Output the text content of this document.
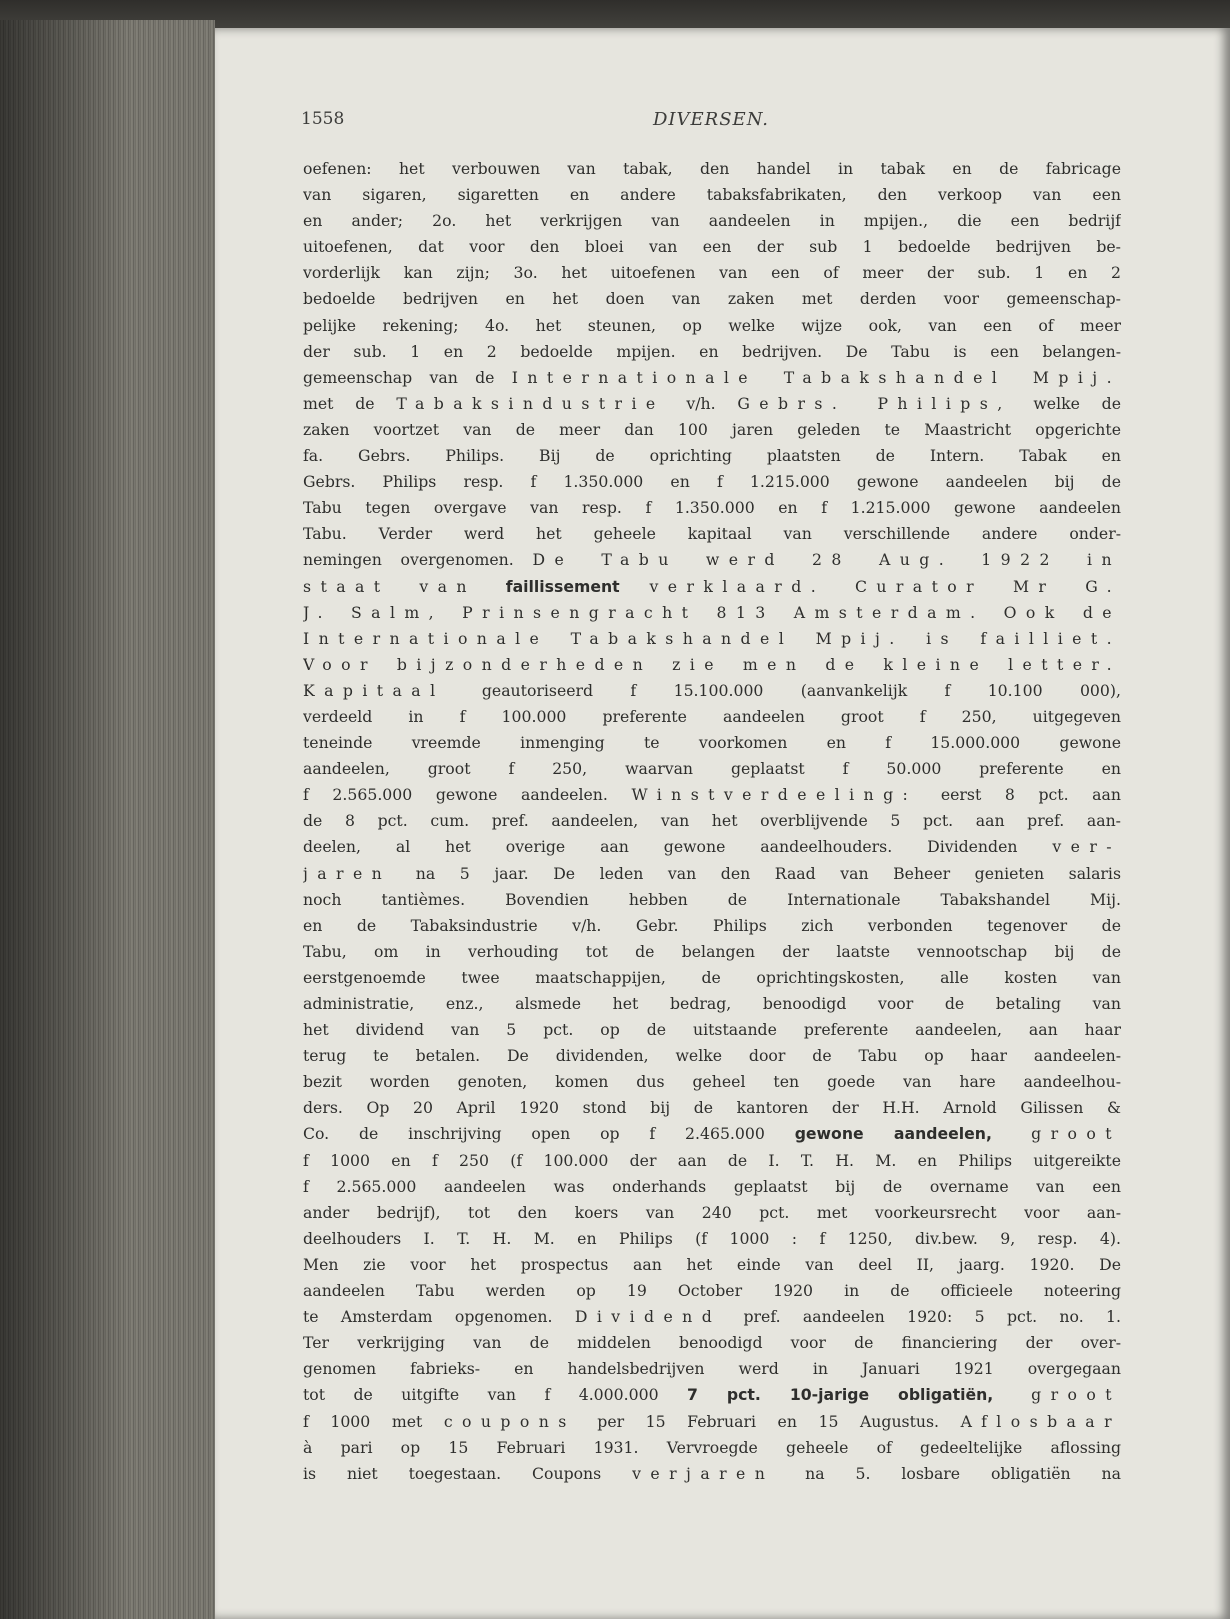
1558	DIVERSEN.
oefenen: het verbouwen van tabak, den handel in tabak en de fabricage
van sigaren, sigaretten en andere tabaksfabrikaten, den verkoop van een
en ander; 2o. het verkrijgen van aandeelen in mpijen., die een bedrijf
uitoefenen, dat voor den bloei van een der sub 1 bedoelde bedrijven be-
vorderlijk kan zijn; 3o. het uitoefenen van een of meer der sub. 1 en 2
bedoelde bedrijven en het doen van zaken met derden voor gemeenschap-
pelijke rekening; 4o. het steunen, op welke wijze ook, van een of meer
der sub. 1 en 2 bedoelde mpijen. en bedrijven. De Tabu is een belangen-
gemeenschap van de Internationale Tabakshandel Mpij.
met de Tabaksindustrie v/h. Gebrs. Philips, welke de
zaken voortzet van de meer dan 100 jaren geleden te Maastricht opgerichte
fa. Gebrs. Philips. Bij de oprichting plaatsten de Intern. Tabak en
Gebrs. Philips resp. f 1.350.000 en f 1.215.000 gewone aandeelen bij de
Tabu tegen overgave van resp. f 1.350.000 en f 1.215.000 gewone aandeelen
Tabu. Verder werd het geheele kapitaal van verschillende andere onder-
nemingen overgenomen. De Tabu werd 28 Aug. 1922 in
staat van faillissement verklaard. Curator Mr G.
J. Salm, Prinsengracht 813 Amsterdam. Ook de
Internationale Tabakshandel Mpij. is failliet.
Voor bijzonderheden zie men de kleine letter.
Kapitaal geautoriseerd f 15.100.000 (aanvankelijk f 10.100 000),
verdeeld in f 100.000 preferente aandeelen groot f 250, uitgegeven
teneinde vreemde inmenging te voorkomen en f 15.000.000 gewone
aandeelen, groot f 250, waarvan geplaatst f 50.000 preferente en
f 2.565.000 gewone aandeelen. Winstverdeeling: eerst 8 pct. aan
de 8 pct. cum. pref. aandeelen, van het overblijvende 5 pct. aan pref. aan-
deelen, al het overige aan gewone aandeelhouders. Dividenden ver-
jaren na 5 jaar. De leden van den Raad van Beheer genieten salaris
noch tantièmes. Bovendien hebben de Internationale Tabakshandel Mij.
en de Tabaksindustrie v/h. Gebr. Philips zich verbonden tegenover de
Tabu, om in verhouding tot de belangen der laatste vennootschap bij de
eerstgenoemde twee maatschappijen, de oprichtingskosten, alle kosten van
administratie, enz., alsmede het bedrag, benoodigd voor de betaling van
het dividend van 5 pct. op de uitstaande preferente aandeelen, aan haar
terug te betalen. De dividenden, welke door de Tabu op haar aandeelen-
bezit worden genoten, komen dus geheel ten goede van hare aandeelhou-
ders. Op 20 April 1920 stond bij de kantoren der H.H. Arnold Gilissen &
Co. de inschrijving open op f 2.465.000 gewone aandeelen, groot
f 1000 en f 250 (f 100.000 der aan de I. T. H. M. en Philips uitgereikte
f 2.565.000 aandeelen was onderhands geplaatst bij de overname van een
ander bedrijf), tot den koers van 240 pct. met voorkeursrecht voor aan-
deelhouders I. T. H. M. en Philips (f 1000 : f 1250, div.bew. 9, resp. 4).
Men zie voor het prospectus aan het einde van deel II, jaarg. 1920. De
aandeelen Tabu werden op 19 October 1920 in de officieele noteering
te Amsterdam opgenomen. Dividend pref. aandeelen 1920: 5 pct. no. 1.
Ter verkrijging van de middelen benoodigd voor de financiering der over-
genomen fabrieks- en handelsbedrijven werd in Januari 1921 overgegaan
tot de uitgifte van f 4.000.000 7 pct. 10-jarige obligatiën, groot
f 1000 met coupons per 15 Februari en 15 Augustus. Aflosbaar
à pari op 15 Februari 1931. Vervroegde geheele of gedeeltelijke aflossing
is niet toegestaan. Coupons verjaren na 5. losbare obligatiën na
